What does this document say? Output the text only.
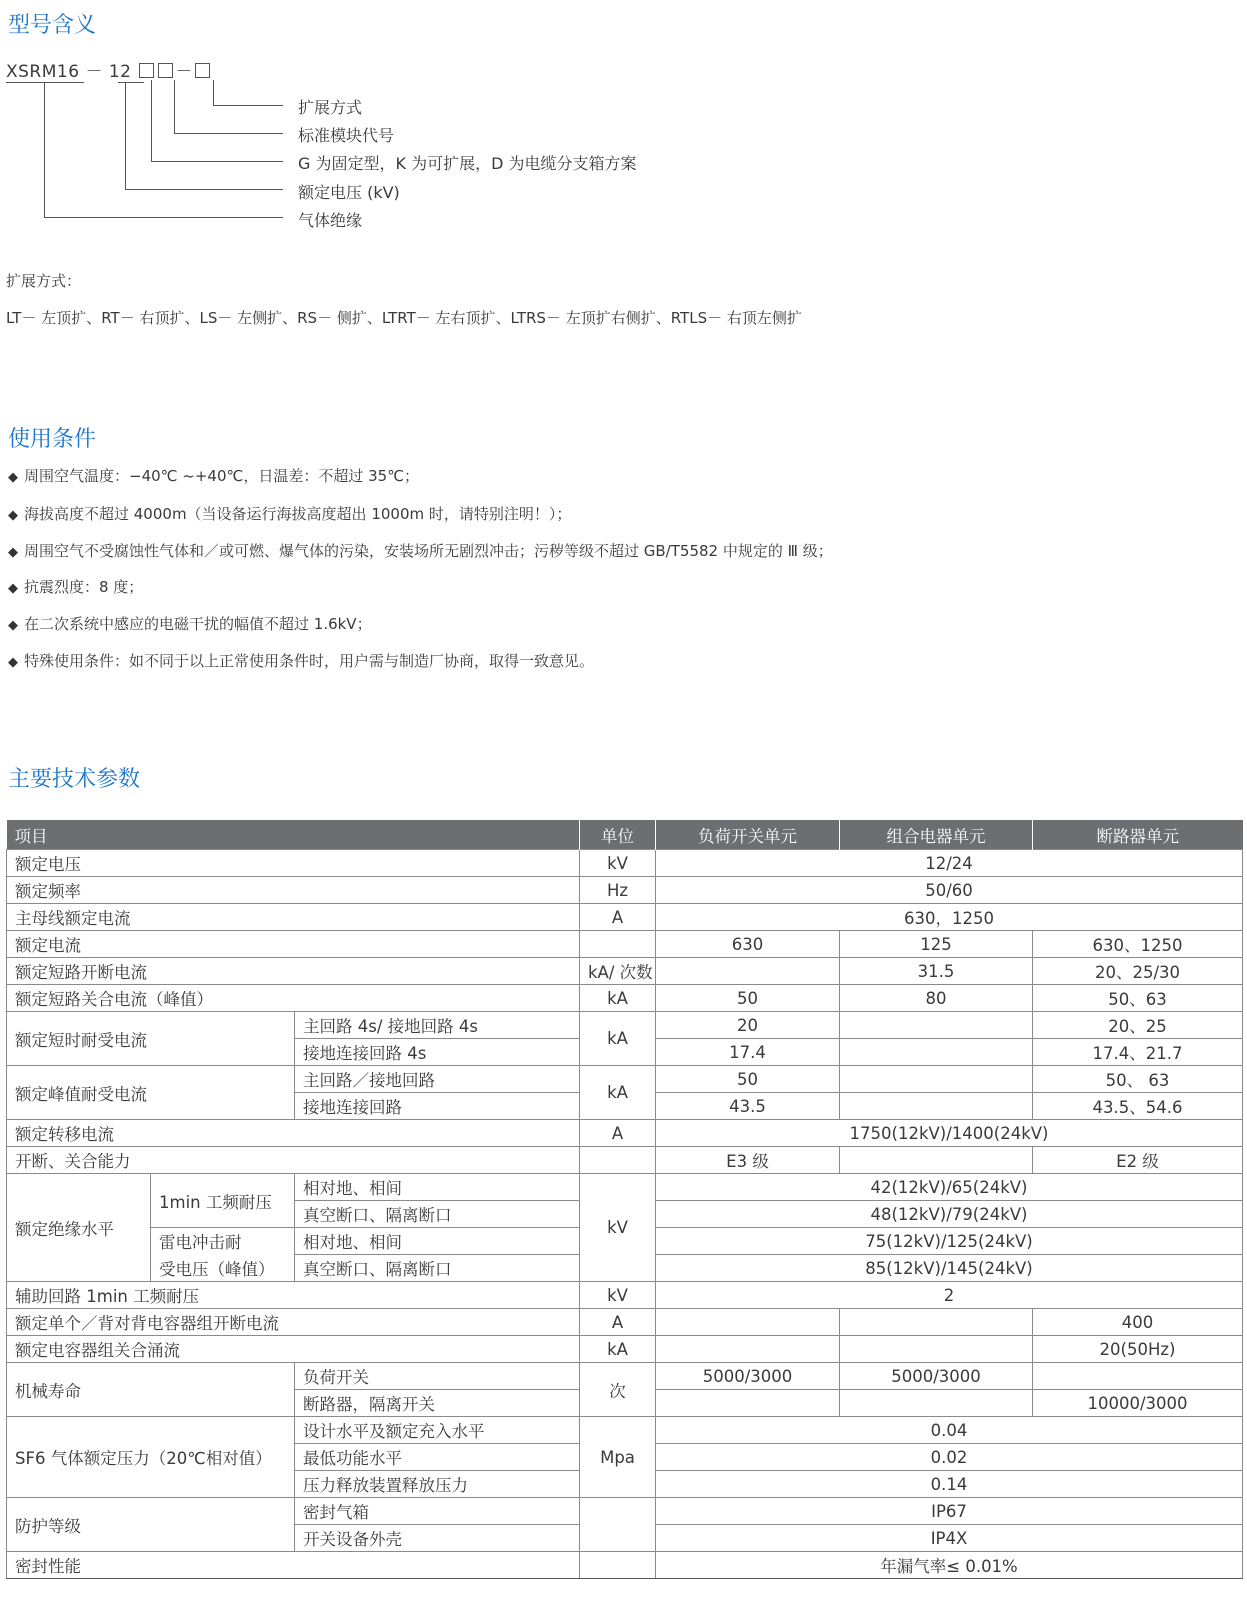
型号含义
XSRM16 － 12	－
扩展方式
标准模块代号
G 为固定型，K 为可扩展，D 为电缆分支箱方案
额定电压 (kV)
气体绝缘
扩展方式：
LT－ 左顶扩、RT－ 右顶扩、LS－ 左侧扩、RS－ 侧扩、LTRT－ 左右顶扩、LTRS－ 左顶扩右侧扩、RTLS－ 右顶左侧扩
使用条件
◆ 周围空气温度：−40℃ ~+40℃，日温差：不超过 35℃；
◆ 海拔高度不超过 4000m（当设备运行海拔高度超出 1000m 时，请特别注明！）；
◆ 周围空气不受腐蚀性气体和／或可燃、爆气体的污染，安装场所无剧烈冲击；污秽等级不超过 GB/T5582 中规定的 Ⅲ 级；
◆ 抗震烈度：8 度；
◆ 在二次系统中感应的电磁干扰的幅值不超过 1.6kV；
◆ 特殊使用条件：如不同于以上正常使用条件时，用户需与制造厂协商，取得一致意见。
主要技术参数
项目			单位	负荷开关单元	组合电器单元	断路器单元
额定电压			kV	12/24		
额定频率			Hz	50/60		
主母线额定电流			A	630，1250		
额定电流				630	125	630、1250
额定短路开断电流			kA/ 次数		31.5	20、25/30
额定短路关合电流（峰值）			kA	50	80	50、63
额定短时耐受电流		主回路 4s/ 接地回路 4s	kA	20		20、25
		接地连接回路 4s		17.4		17.4、21.7
额定峰值耐受电流		主回路／接地回路	kA	50		50、 63
		接地连接回路		43.5		43.5、54.6
额定转移电流			A	1750(12kV)/1400(24kV)		
开断、关合能力				E3 级		E2 级
额定绝缘水平	1min 工频耐压	相对地、相间	kV	42(12kV)/65(24kV)		
		真空断口、隔离断口		48(12kV)/79(24kV)		
	雷电冲击耐	相对地、相间		75(12kV)/125(24kV)		
	受电压（峰值）	真空断口、隔离断口		85(12kV)/145(24kV)		
辅助回路 1min 工频耐压			kV	2		
额定单个／背对背电容器组开断电流			A			400
额定电容器组关合涌流			kA			20(50Hz)
机械寿命		负荷开关	次	5000/3000	5000/3000	
		断路器，隔离开关				10000/3000
SF6 气体额定压力（20℃相对值）		设计水平及额定充入水平	Mpa	0.04		
		最低功能水平		0.02		
		压力释放装置释放压力		0.14		
防护等级		密封气箱		IP67		
		开关设备外壳		IP4X		
密封性能				年漏气率≤ 0.01%		
